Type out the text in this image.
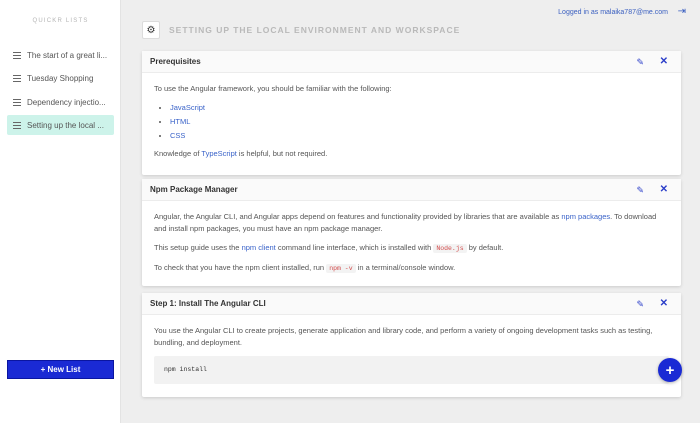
QUICKR LISTS
The start of a great li...
Tuesday Shopping
Dependency injectio...
Setting up the local ...
+ New List
⚙ SETTING UP THE LOCAL ENVIRONMENT AND WORKSPACE
Logged in as malaika787@me.com ⇥
Prerequisites	✎ ✕

To use the Angular framework, you should be familiar with the following:

• JavaScript
• HTML
• CSS

Knowledge of TypeScript is helpful, but not required.

Npm Package Manager	✎ ✕

Angular, the Angular CLI, and Angular apps depend on features and functionality provided by libraries that are available as npm packages. To download and install npm packages, you must have an npm package manager.

This setup guide uses the npm client command line interface, which is installed with Node.js by default.

To check that you have the npm client installed, run npm -v in a terminal/console window.

Step 1: Install The Angular CLI	✎ ✕

You use the Angular CLI to create projects, generate application and library code, and perform a variety of ongoing development tasks such as testing, bundling, and deployment.

npm install	+
